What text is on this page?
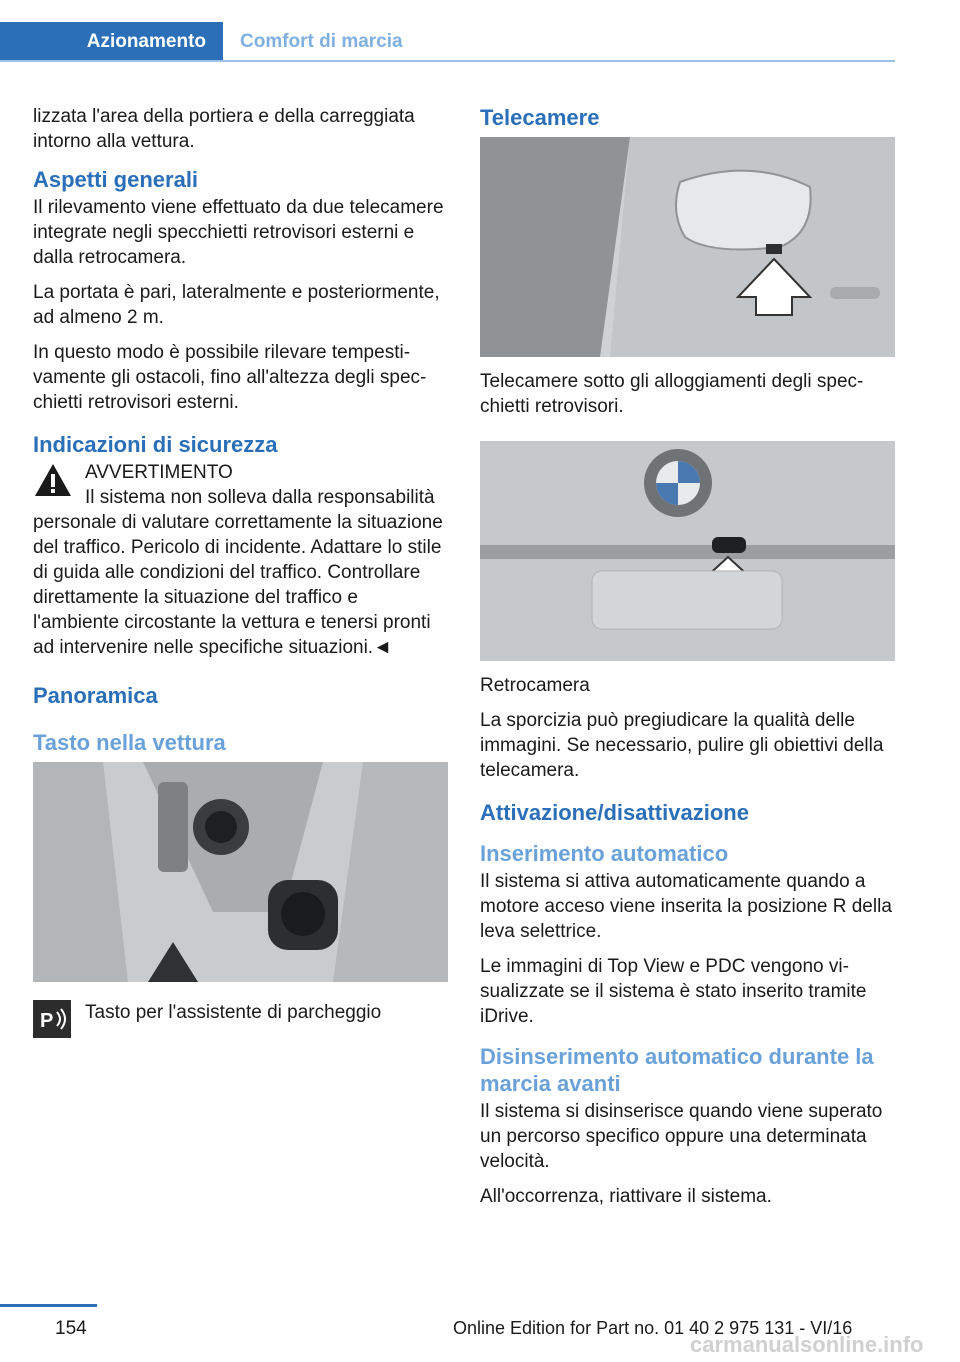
Azionamento	Comfort di marcia

lizzata l'area della portiera e della carreggiata intorno alla vettura.

Aspetti generali

Il rilevamento viene effettuato da due telecamere integrate negli specchietti retrovisori esterni e dalla retrocamera.

La portata è pari, lateralmente e posteriormente, ad almeno 2 m.

In questo modo è possibile rilevare tempestivamente gli ostacoli, fino all'altezza degli specchietti retrovisori esterni.

Indicazioni di sicurezza
AVVERTIMENTO

Il sistema non solleva dalla responsabilità personale di valutare correttamente la situazione del traffico. Pericolo di incidente. Adattare lo stile di guida alle condizioni del traffico. Controllare direttamente la situazione del traffico e l'ambiente circostante la vettura e tenersi pronti ad intervenire nelle specifiche situazioni.◄

Panoramica
Tasto nella vettura
P Tasto per l'assistente di parcheggio
Telecamere

Telecamere sotto gli alloggiamenti degli specchietti retrovisori.

Retrocamera

La sporcizia può pregiudicare la qualità delle immagini. Se necessario, pulire gli obiettivi della telecamera.

Attivazione/disattivazione
Inserimento automatico

Il sistema si attiva automaticamente quando a motore acceso viene inserita la posizione R della leva selettrice.

Le immagini di Top View e PDC vengono visualizzate se il sistema è stato inserito tramite iDrive.

Disinserimento automatico durante la marcia avanti

Il sistema si disinserisce quando viene superato un percorso specifico oppure una determinata velocità.

All'occorrenza, riattivare il sistema.

154	Online Edition for Part no. 01 40 2 975 131 - VI/16
carmanualsonline.info
